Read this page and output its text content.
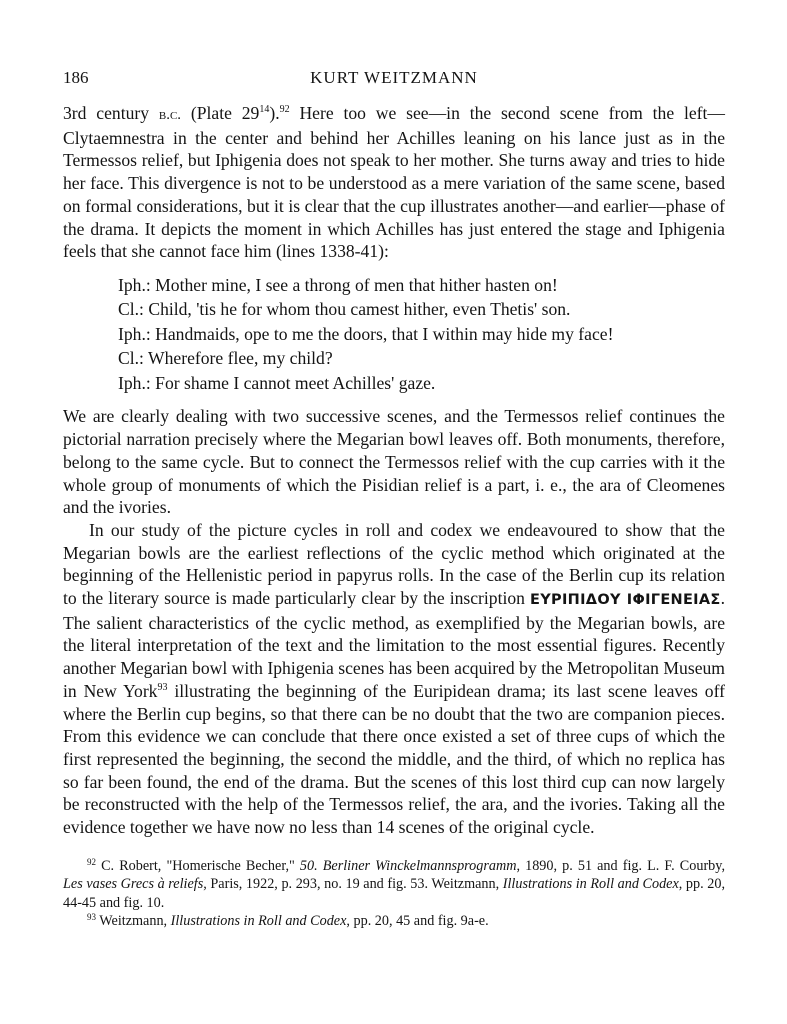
186	KURT WEITZMANN

3rd century b.c. (Plate $29^{14}).^{92}$ Here too we see—in the second scene from the left—Clytaemnestra in the center and behind her Achilles leaning on his lance just as in the Termessos relief, but Iphigenia does not speak to her mother. She turns away and tries to hide her face. This divergence is not to be understood as a mere variation of the same scene, based on formal considerations, but it is clear that the cup illustrates another—and earlier—phase of the drama. It depicts the moment in which Achilles has just entered the stage and Iphigenia feels that she cannot face him (lines 1338-41):

Iph.: Mother mine, I see a throng of men that hither hasten on!
Cl.: Child, 'tis he for whom thou camest hither, even Thetis' son.
Iph.: Handmaids, ope to me the doors, that I within may hide my face!
Cl.: Wherefore flee, my child?
Iph.: For shame I cannot meet Achilles' gaze.

We are clearly dealing with two successive scenes, and the Termessos relief continues the pictorial narration precisely where the Megarian bowl leaves off. Both monuments, therefore, belong to the same cycle. But to connect the Termessos relief with the cup carries with it the whole group of monuments of which the Pisidian relief is a part, i. e., the ara of Cleomenes and the ivories.

In our study of the picture cycles in roll and codex we endeavoured to show that the Megarian bowls are the earliest reflections of the cyclic method which originated at the beginning of the Hellenistic period in papyrus rolls. In the case of the Berlin cup its relation to the literary source is made particularly clear by the inscription ΕΥΡΙΠΙΔΟΥ ΙΦΙΓΕΝΕΙΑΣ. The salient characteristics of the cyclic method, as exemplified by the Megarian bowls, are the literal interpretation of the text and the limitation to the most essential figures. Recently another Megarian bowl with Iphigenia scenes has been acquired by the Metropolitan Museum in New York$^{93}$ illustrating the beginning of the Euripidean drama; its last scene leaves off where the Berlin cup begins, so that there can be no doubt that the two are companion pieces. From this evidence we can conclude that there once existed a set of three cups of which the first represented the beginning, the second the middle, and the third, of which no replica has so far been found, the end of the drama. But the scenes of this lost third cup can now largely be reconstructed with the help of the Termessos relief, the ara, and the ivories. Taking all the evidence together we have now no less than 14 scenes of the original cycle.

$^{92}$ C. Robert, "Homerische Becher," 50. Berliner Winckelmannsprogramm, 1890, p. 51 and fig. L. F. Courby, Les vases Grecs à reliefs, Paris, 1922, p. 293, no. 19 and fig. 53. Weitzmann, Illustrations in Roll and Codex, pp. 20, 44-45 and fig. 10.

$^{93}$ Weitzmann, Illustrations in Roll and Codex, pp. 20, 45 and fig. 9a-e.
